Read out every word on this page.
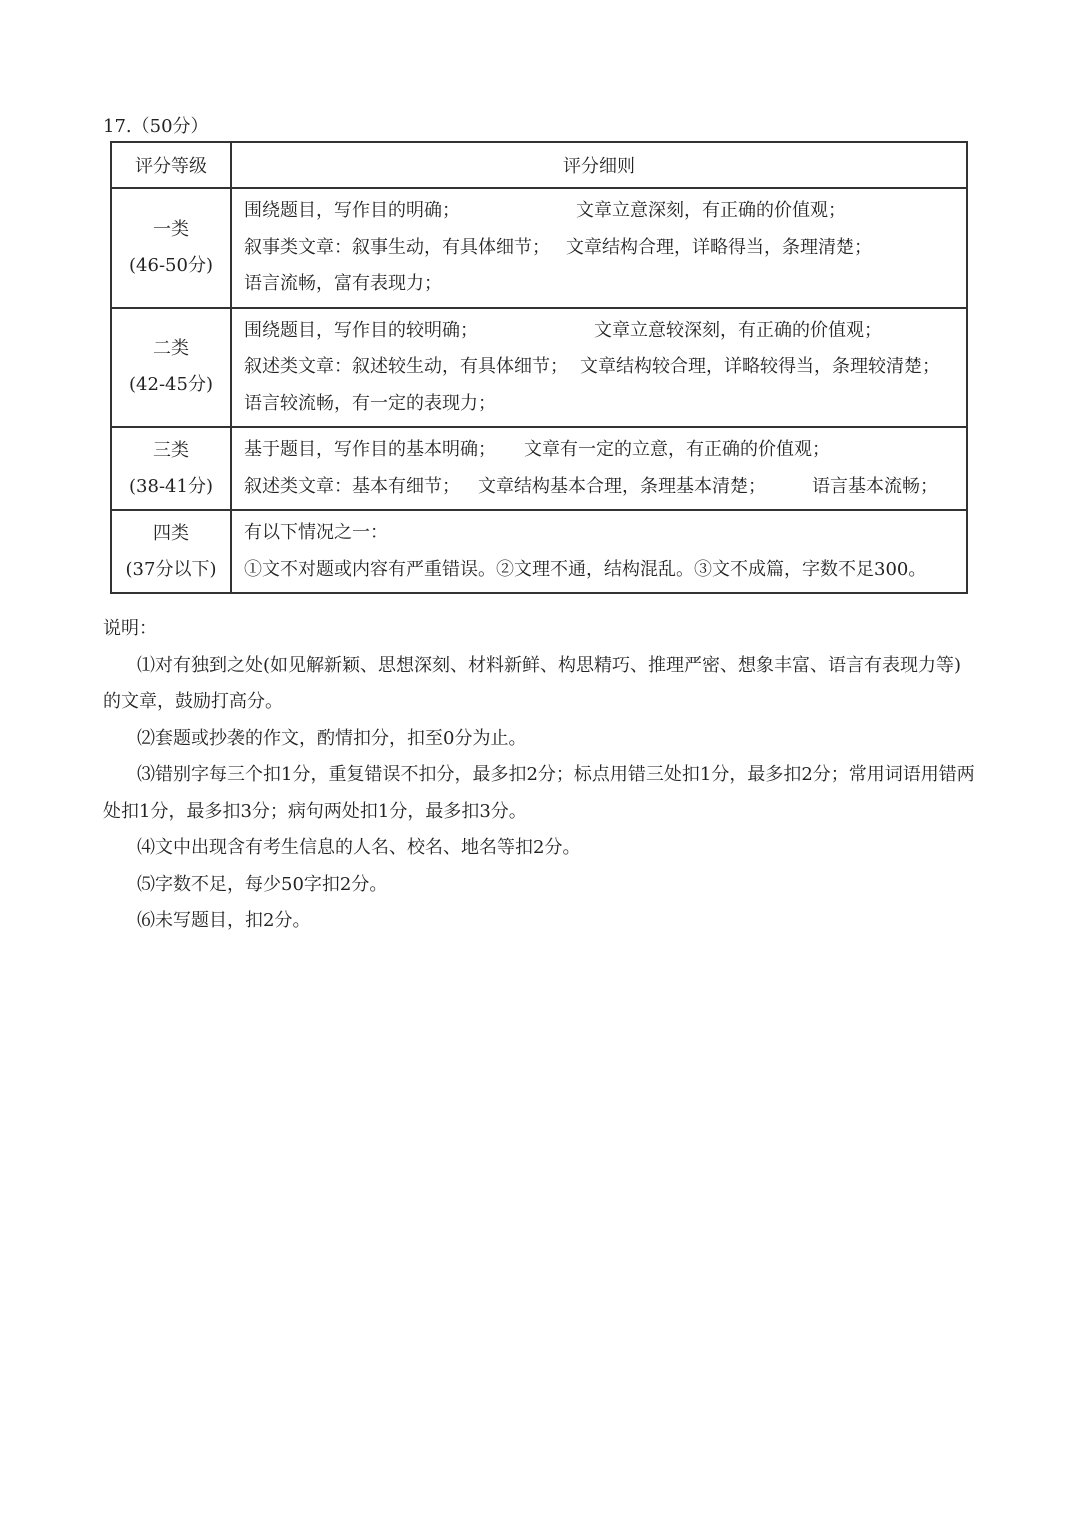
17.（50分）
评分等级	评分细则

一类
(46-50分)	围绕题目，写作目的明确； 文章立意深刻，有正确的价值观；
叙事类文章：叙事生动，有具体细节； 文章结构合理，详略得当，条理清楚；
语言流畅，富有表现力；

二类
(42-45分)	围绕题目，写作目的较明确； 文章立意较深刻，有正确的价值观；
叙述类文章：叙述较生动，有具体细节； 文章结构较合理，详略较得当，条理较清楚；
语言较流畅，有一定的表现力；

三类
(38-41分)	基于题目，写作目的基本明确； 文章有一定的立意，有正确的价值观；
叙述类文章：基本有细节； 文章结构基本合理，条理基本清楚； 语言基本流畅；

四类
(37分以下)	有以下情况之一：
①文不对题或内容有严重错误。②文理不通，结构混乱。③文不成篇，字数不足300。

说明：

⑴对有独到之处(如见解新颖、思想深刻、材料新鲜、构思精巧、推理严密、想象丰富、语言有表现力等)的文章，鼓励打高分。

⑵套题或抄袭的作文，酌情扣分，扣至0分为止。

⑶错别字每三个扣1分，重复错误不扣分，最多扣2分；标点用错三处扣1分，最多扣2分；常用词语用错两处扣1分，最多扣3分；病句两处扣1分，最多扣3分。

⑷文中出现含有考生信息的人名、校名、地名等扣2分。

⑸字数不足，每少50字扣2分。

⑹未写题目，扣2分。
